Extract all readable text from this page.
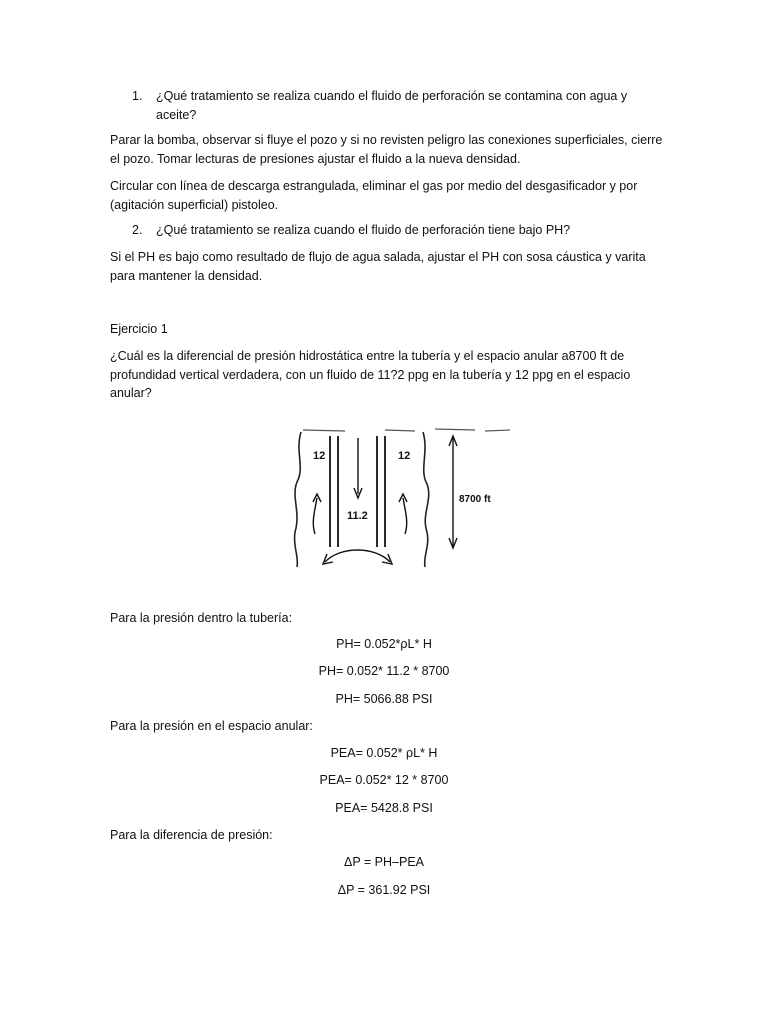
1. ¿Qué tratamiento se realiza cuando el fluido de perforación se contamina con agua y aceite?
Parar la bomba, observar si fluye el pozo y si no revisten peligro las conexiones superficiales, cierre el pozo. Tomar lecturas de presiones ajustar el fluido a la nueva densidad.
Circular con línea de descarga estrangulada, eliminar el gas por medio del desgasificador y por (agitación superficial) pistoleo.
2. ¿Qué tratamiento se realiza cuando el fluido de perforación tiene bajo PH?
Si el PH es bajo como resultado de flujo de agua salada, ajustar el PH con sosa cáustica y varita para mantener la densidad.
Ejercicio 1
¿Cuál es la diferencial de presión hidrostática entre la tubería y el espacio anular a8700 ft de profundidad vertical verdadera, con un fluido de 11?2 ppg en la tubería y 12 ppg en el espacio anular?
12	12
11.2
8700 ft
Para la presión dentro la tubería:
PH= 0.052*ρL* H
PH= 0.052* 11.2 * 8700
PH= 5066.88 PSI
Para la presión en el espacio anular:
PEA= 0.052* ρL* H
PEA= 0.052* 12 * 8700
PEA= 5428.8 PSI
Para la diferencia de presión:
ΔP = PH–PEA
ΔP = 361.92 PSI
